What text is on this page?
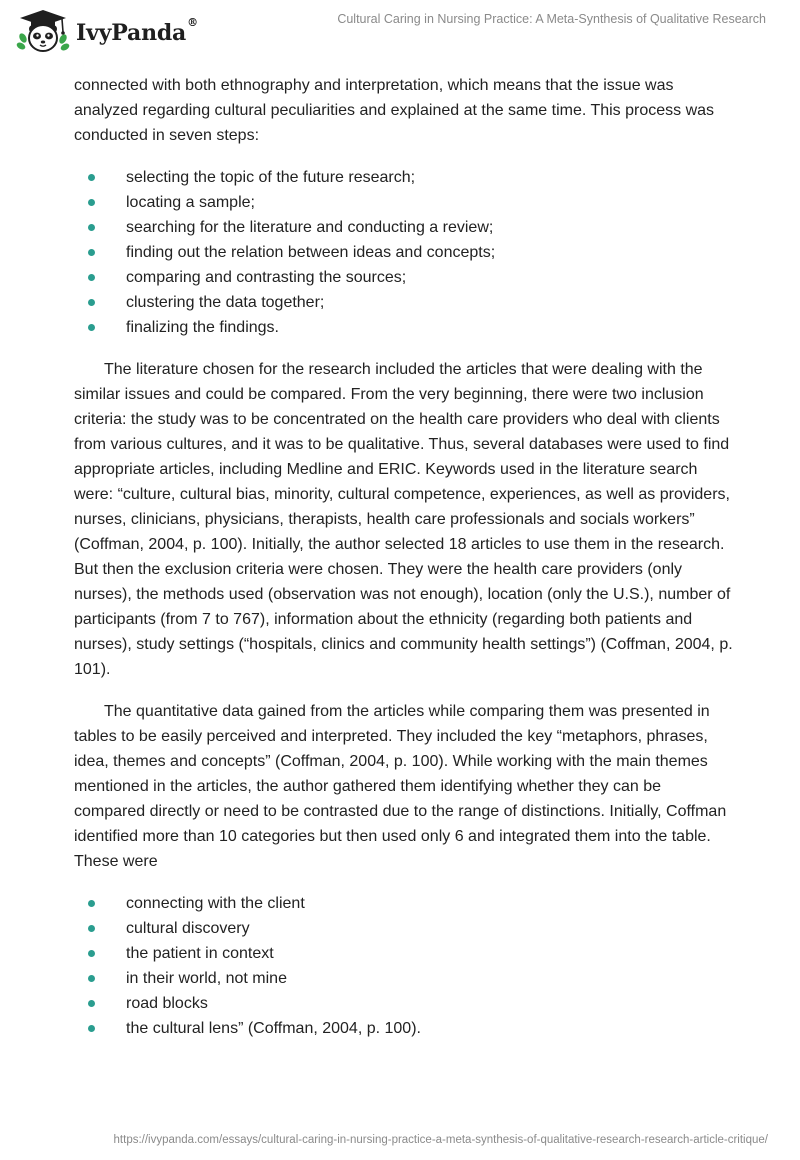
IvyPanda®	Cultural Caring in Nursing Practice: A Meta-Synthesis of Qualitative Research

connected with both ethnography and interpretation, which means that the issue was analyzed regarding cultural peculiarities and explained at the same time. This process was conducted in seven steps:

selecting the topic of the future research;
locating a sample;
searching for the literature and conducting a review;
finding out the relation between ideas and concepts;
comparing and contrasting the sources;
clustering the data together;
finalizing the findings.

The literature chosen for the research included the articles that were dealing with the similar issues and could be compared. From the very beginning, there were two inclusion criteria: the study was to be concentrated on the health care providers who deal with clients from various cultures, and it was to be qualitative. Thus, several databases were used to find appropriate articles, including Medline and ERIC. Keywords used in the literature search were: “culture, cultural bias, minority, cultural competence, experiences, as well as providers, nurses, clinicians, physicians, therapists, health care professionals and socials workers” (Coffman, 2004, p. 100). Initially, the author selected 18 articles to use them in the research. But then the exclusion criteria were chosen. They were the health care providers (only nurses), the methods used (observation was not enough), location (only the U.S.), number of participants (from 7 to 767), information about the ethnicity (regarding both patients and nurses), study settings (“hospitals, clinics and community health settings”) (Coffman, 2004, p. 101).

The quantitative data gained from the articles while comparing them was presented in tables to be easily perceived and interpreted. They included the key “metaphors, phrases, idea, themes and concepts” (Coffman, 2004, p. 100). While working with the main themes mentioned in the articles, the author gathered them identifying whether they can be compared directly or need to be contrasted due to the range of distinctions. Initially, Coffman identified more than 10 categories but then used only 6 and integrated them into the table. These were

connecting with the client
cultural discovery
the patient in context
in their world, not mine
road blocks
the cultural lens” (Coffman, 2004, p. 100).
https://ivypanda.com/essays/cultural-caring-in-nursing-practice-a-meta-synthesis-of-qualitative-research-research-article-critique/
